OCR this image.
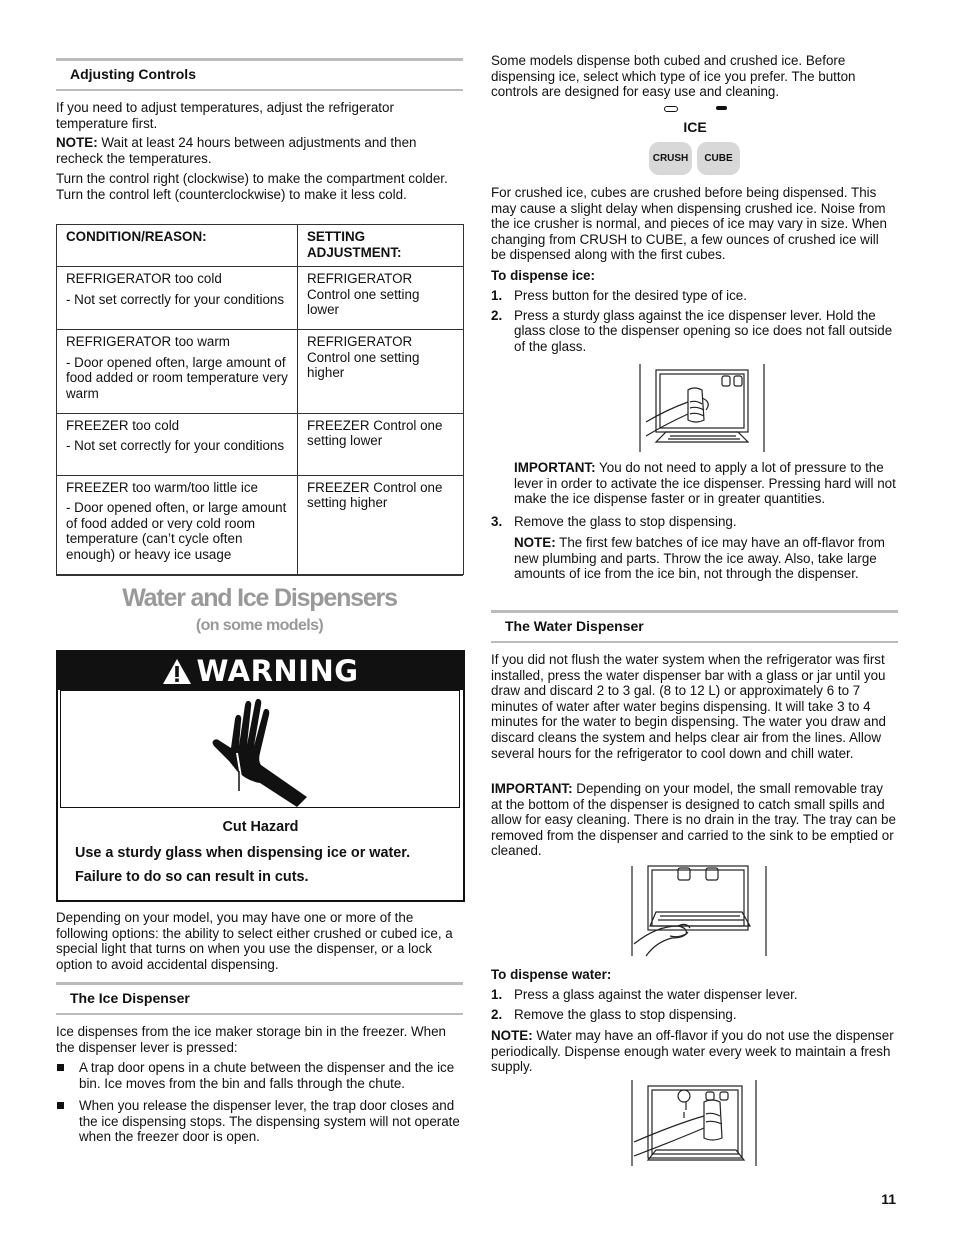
Adjusting Controls

If you need to adjust temperatures, adjust the refrigerator temperature first.

NOTE: Wait at least 24 hours between adjustments and then recheck the temperatures.

Turn the control right (clockwise) to make the compartment colder. Turn the control left (counterclockwise) to make it less cold.

CONDITION/REASON:	SETTING ADJUSTMENT:

REFRIGERATOR too cold

- Not set correctly for your conditions	REFRIGERATOR Control one setting lower

REFRIGERATOR too warm

- Door opened often, large amount of food added or room temperature very warm	REFRIGERATOR Control one setting higher

FREEZER too cold

- Not set correctly for your conditions	FREEZER Control one setting lower

FREEZER too warm/too little ice

- Door opened often, or large amount of food added or very cold room temperature (can’t cycle often enough) or heavy ice usage	FREEZER Control one setting higher
Water and Ice Dispensers
(on some models)
WARNING
Cut Hazard
Use a sturdy glass when dispensing ice or water.
Failure to do so can result in cuts.

Depending on your model, you may have one or more of the following options: the ability to select either crushed or cubed ice, a special light that turns on when you use the dispenser, or a lock option to avoid accidental dispensing.

The Ice Dispenser

Ice dispenses from the ice maker storage bin in the freezer. When the dispenser lever is pressed:

A trap door opens in a chute between the dispenser and the ice bin. Ice moves from the bin and falls through the chute.
When you release the dispenser lever, the trap door closes and the ice dispensing stops. The dispensing system will not operate when the freezer door is open.

Some models dispense both cubed and crushed ice. Before dispensing ice, select which type of ice you prefer. The button controls are designed for easy use and cleaning.

ICE
CRUSH	CUBE

For crushed ice, cubes are crushed before being dispensed. This may cause a slight delay when dispensing crushed ice. Noise from the ice crusher is normal, and pieces of ice may vary in size. When changing from CRUSH to CUBE, a few ounces of crushed ice will be dispensed along with the first cubes.

To dispense ice:
1. Press button for the desired type of ice.
2. Press a sturdy glass against the ice dispenser lever. Hold the glass close to the dispenser opening so ice does not fall outside of the glass.

IMPORTANT: You do not need to apply a lot of pressure to the lever in order to activate the ice dispenser. Pressing hard will not make the ice dispense faster or in greater quantities.

3. Remove the glass to stop dispensing.

NOTE: The first few batches of ice may have an off-flavor from new plumbing and parts. Throw the ice away. Also, take large amounts of ice from the ice bin, not through the dispenser.

The Water Dispenser

If you did not flush the water system when the refrigerator was first installed, press the water dispenser bar with a glass or jar until you draw and discard 2 to 3 gal. (8 to 12 L) or approximately 6 to 7 minutes of water after water begins dispensing. It will take 3 to 4 minutes for the water to begin dispensing. The water you draw and discard cleans the system and helps clear air from the lines. Allow several hours for the refrigerator to cool down and chill water.

IMPORTANT: Depending on your model, the small removable tray at the bottom of the dispenser is designed to catch small spills and allow for easy cleaning. There is no drain in the tray. The tray can be removed from the dispenser and carried to the sink to be emptied or cleaned.

To dispense water:
1. Press a glass against the water dispenser lever.
2. Remove the glass to stop dispensing.

NOTE: Water may have an off-flavor if you do not use the dispenser periodically. Dispense enough water every week to maintain a fresh supply.

11
